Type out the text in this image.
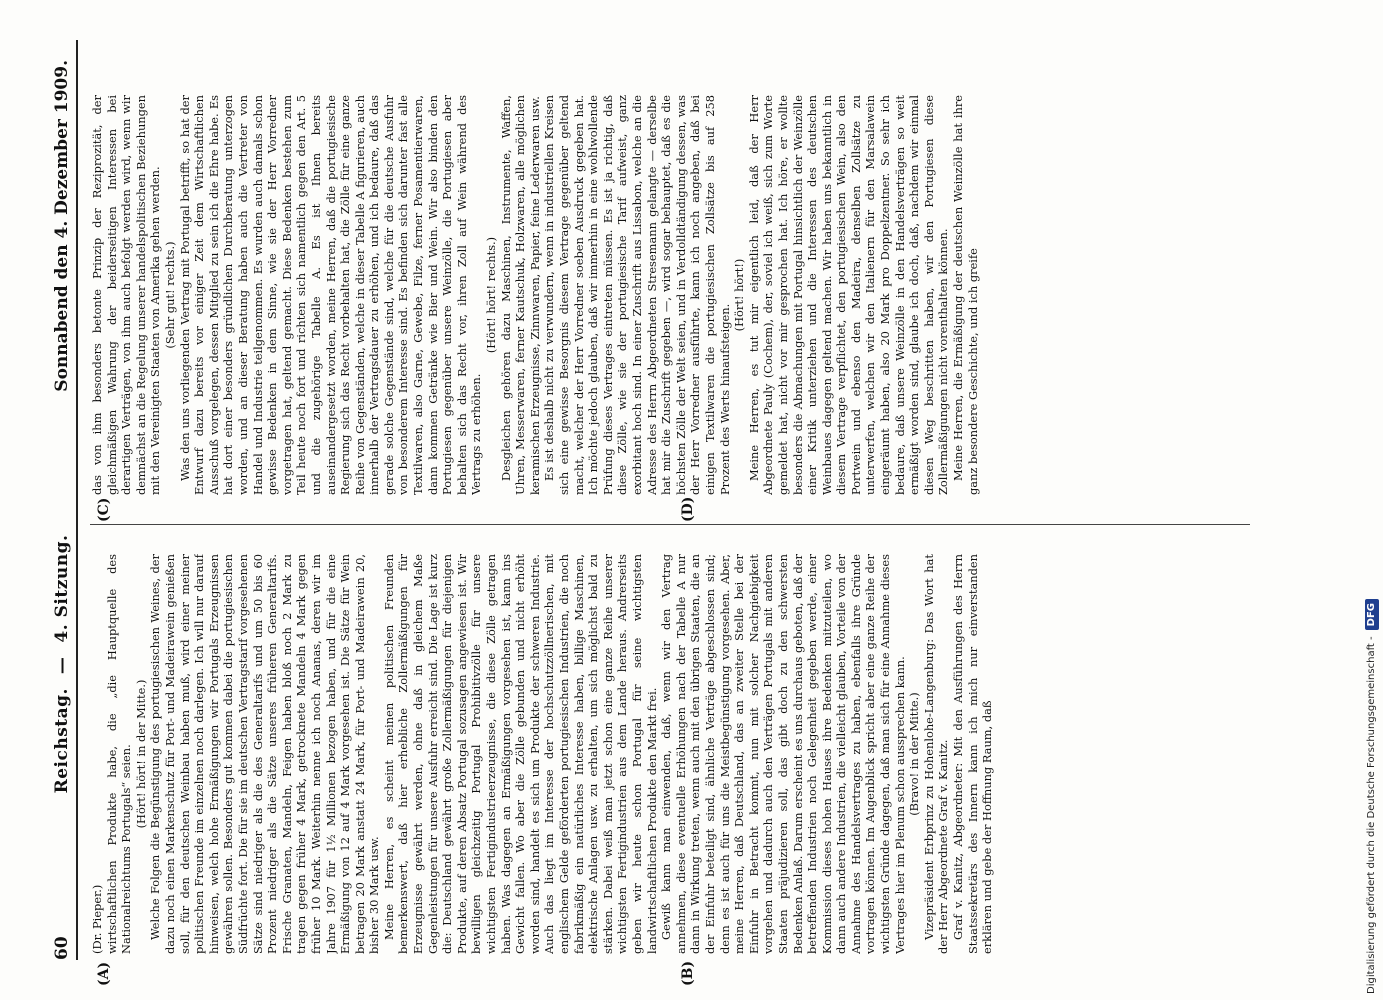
60
Reichstag.—4. Sitzung.
Sonnabend den 4. Dezember 1909.
(A)	(B)
(C)	(D)

(Dr. Pieper.) wirtschaftlichen Produkte habe, die „die Hauptquelle des Nationalreichtums Portugals“ seien. (Hört! hört! in der Mitte.) Welche Folgen die Begünstigung des portugiesischen Weines, der dazu noch einen Markenschutz für Port- und Madeirawein genießen soll, für den deutschen Weinbau haben muß, wird einer meiner politischen Freunde im einzelnen noch darlegen. Ich will nur darauf hinweisen, welch hohe Ermäßigungen wir Portugals Erzeugnissen gewähren sollen. Besonders gut kommen dabei die portugiesischen Südfrüchte fort. Die für sie im deutschen Vertragstarif vorgesehenen Sätze sind niedriger als die des Generaltarifs und um 50 bis 60 Prozent niedriger als die Sätze unseres früheren Generaltarifs. Frische Granaten, Mandeln, Feigen haben bloß noch 2 Mark zu tragen gegen früher 4 Mark, getrocknete Mandeln 4 Mark gegen früher 10 Mark. Weiterhin nenne ich noch Ananas, deren wir im Jahre 1907 für 1½ Millionen bezogen haben, und für die eine Ermäßigung von 12 auf 4 Mark vorgesehen ist. Die Sätze für Wein betragen 20 Mark anstatt 24 Mark, für Port- und Madeirawein 20, bisher 30 Mark usw. Meine Herren, es scheint meinen politischen Freunden bemerkenswert, daß hier erhebliche Zollermäßigungen für Erzeugnisse gewährt werden, ohne daß in gleichem Maße Gegenleistungen für unsere Ausfuhr erreicht sind. Die Lage ist kurz die: Deutschland gewährt große Zollermäßigungen für diejenigen Produkte, auf deren Absatz Portugal sozusagen angewiesen ist. Wir bewilligen gleichzeitig Portugal Prohibitivzölle für unsere wichtigsten Fertigindustrieerzeugnisse, die diese Zölle getragen haben. Was dagegen an Ermäßigungen vorgesehen ist, kann ins Gewicht fallen. Wo aber die Zölle gebunden und nicht erhöht worden sind, handelt es sich um Produkte der schweren Industrie. Auch das liegt im Interesse der hochschutzzöllnerischen, mit englischem Gelde geförderten portugiesischen Industrien, die noch fabrikmäßig ein natürliches Interesse haben, billige Maschinen, elektrische Anlagen usw. zu erhalten, um sich möglichst bald zu stärken. Dabei weiß man jetzt schon eine ganze Reihe unserer wichtigsten Fertigindustrien aus dem Lande heraus. Andrerseits geben wir heute schon Portugal für seine wichtigsten landwirtschaftlichen Produkte den Markt frei. Gewiß kann man einwenden, daß, wenn wir den Vertrag annehmen, diese eventuelle Erhöhungen nach der Tabelle A nur dann in Wirkung treten, wenn auch mit den übrigen Staaten, die an der Einfuhr beteiligt sind, ähnliche Verträge abgeschlossen sind; denn es ist auch für uns die Meistbegünstigung vorgesehen. Aber, meine Herren, daß Deutschland, das an zweiter Stelle bei der Einfuhr in Betracht kommt, nun mit solcher Nachgiebigkeit vorgehen und dadurch auch den Verträgen Portugals mit anderen Staaten präjudizieren soll, das gibt doch zu den schwersten Bedenken Anlaß. Darum erscheint es uns durchaus geboten, daß der betreffenden Industrien noch Gelegenheit gegeben werde, einer Kommission dieses hohen Hauses ihre Bedenken mitzuteilen, wo dann auch andere Industrien, die vielleicht glauben, Vorteile von der Annahme des Handelsvertrages zu haben, ebenfalls ihre Gründe vortragen können. Im Augenblick spricht aber eine ganze Reihe der wichtigsten Gründe dagegen, daß man sich für eine Annahme dieses Vertrages hier im Plenum schon aussprechen kann. (Bravo! in der Mitte.) Vizepräsident Erbprinz zu Hohenlohe-Langenburg: Das Wort hat der Herr Abgeordnete Graf v. Kanitz. Graf v. Kanitz, Abgeordneter: Mit den Ausführungen des Herrn Staatssekretärs des Innern kann ich mich nur einverstanden erklären und gebe der Hoffnung Raum, daß

das von ihm besonders betonte Prinzip der Reziprozität, der gleichmäßigen Wahrung der beiderseitigen Interessen bei derartigen Verträgen, von ihm auch befolgt werden wird, wenn wir demnächst an die Regelung unserer handelspolitischen Beziehungen mit den Vereinigten Staaten von Amerika gehen werden. (Sehr gut! rechts.) Was den uns vorliegenden Vertrag mit Portugal betrifft, so hat der Entwurf dazu bereits vor einiger Zeit dem Wirtschaftlichen Ausschuß vorgelegen, dessen Mitglied zu sein ich die Ehre habe. Es hat dort einer besonders gründlichen Durchberatung unterzogen worden, und an dieser Beratung haben auch die Vertreter von Handel und Industrie teilgenommen. Es wurden auch damals schon gewisse Bedenken in dem Sinne, wie sie der Herr Vorredner vorgetragen hat, geltend gemacht. Diese Bedenken bestehen zum Teil heute noch fort und richten sich namentlich gegen den Art. 5 und die zugehörige Tabelle A. Es ist Ihnen bereits auseinandergesetzt worden, meine Herren, daß die portugiesische Regierung sich das Recht vorbehalten hat, die Zölle für eine ganze Reihe von Gegenständen, welche in dieser Tabelle A figurieren, auch innerhalb der Vertragsdauer zu erhöhen, und ich bedaure, daß das gerade solche Gegenstände sind, welche für die deutsche Ausfuhr von besonderem Interesse sind. Es befinden sich darunter fast alle Textilwaren, also Garne, Gewebe, Filze, ferner Posamentierwaren, dann kommen Getränke wie Bier und Wein. Wir also binden den Portugiesen gegenüber unsere Weinzölle, die Portugiesen aber behalten sich das Recht vor, ihren Zoll auf Wein während des Vertrags zu erhöhen.

(Hört! hört! rechts.) Desgleichen gehören dazu Maschinen, Instrumente, Waffen, Uhren, Messerwaren, ferner Kautschuk, Holzwaren, alle möglichen keramischen Erzeugnisse, Zinnwaren, Papier, feine Lederwaren usw. Es ist deshalb nicht zu verwundern, wenn in industriellen Kreisen sich eine gewisse Besorgnis diesem Vertrage gegenüber geltend macht, welcher der Herr Vorredner soeben Ausdruck gegeben hat. Ich möchte jedoch glauben, daß wir immerhin in eine wohlwollende Prüfung dieses Vertrages eintreten müssen. Es ist ja richtig, daß diese Zölle, wie sie der portugiesische Tarif aufweist, ganz exorbitant hoch sind. In einer Zuschrift aus Lissabon, welche an die Adresse des Herrn Abgeordneten Stresemann gelangte — derselbe hat mir die Zuschrift gegeben —, wird sogar behauptet, daß es die höchsten Zölle der Welt seien, und in Verdolldtändigung dessen, was der Herr Vorredner ausführte, kann ich noch angeben, daß bei einigen Textilwaren die portugiesischen Zollsätze bis auf 258 Prozent des Werts hinaufsteigen.

(Hört! hört!) Meine Herren, es tut mir eigentlich leid, daß der Herr Abgeordnete Pauly (Cochem), der, soviel ich weiß, sich zum Worte gemeldet hat, nicht vor mir gesprochen hat. Ich höre, er wollte besonders die Abmachungen mit Portugal hinsichtlich der Weinzölle einer Kritik unterziehen und die Interessen des deutschen Weinbaues dagegen geltend machen. Wir haben uns bekanntlich in diesem Vertrage verpflichtet, den portugiesischen Wein, also den Portwein und ebenso den Madeira, denselben Zollsätze zu unterwerfen, welchen wir den Italienern für den Marsalawein eingeräumt haben, also 20 Mark pro Doppelzentner. So sehr ich bedaure, daß unsere Weinzölle in den Handelsverträgen so weit ermäßigt worden sind, glaube ich doch, daß, nachdem wir einmal diesen Weg beschritten haben, wir den Portugiesen diese Zollermäßigungen nicht vorenthalten können. Meine Herren, die Ermäßigung der deutschen Weinzölle hat ihre ganz besondere Geschichte, und ich greife

Digitalisierung gefördert durch die Deutsche Forschungsgemeinschaft -
DFG
